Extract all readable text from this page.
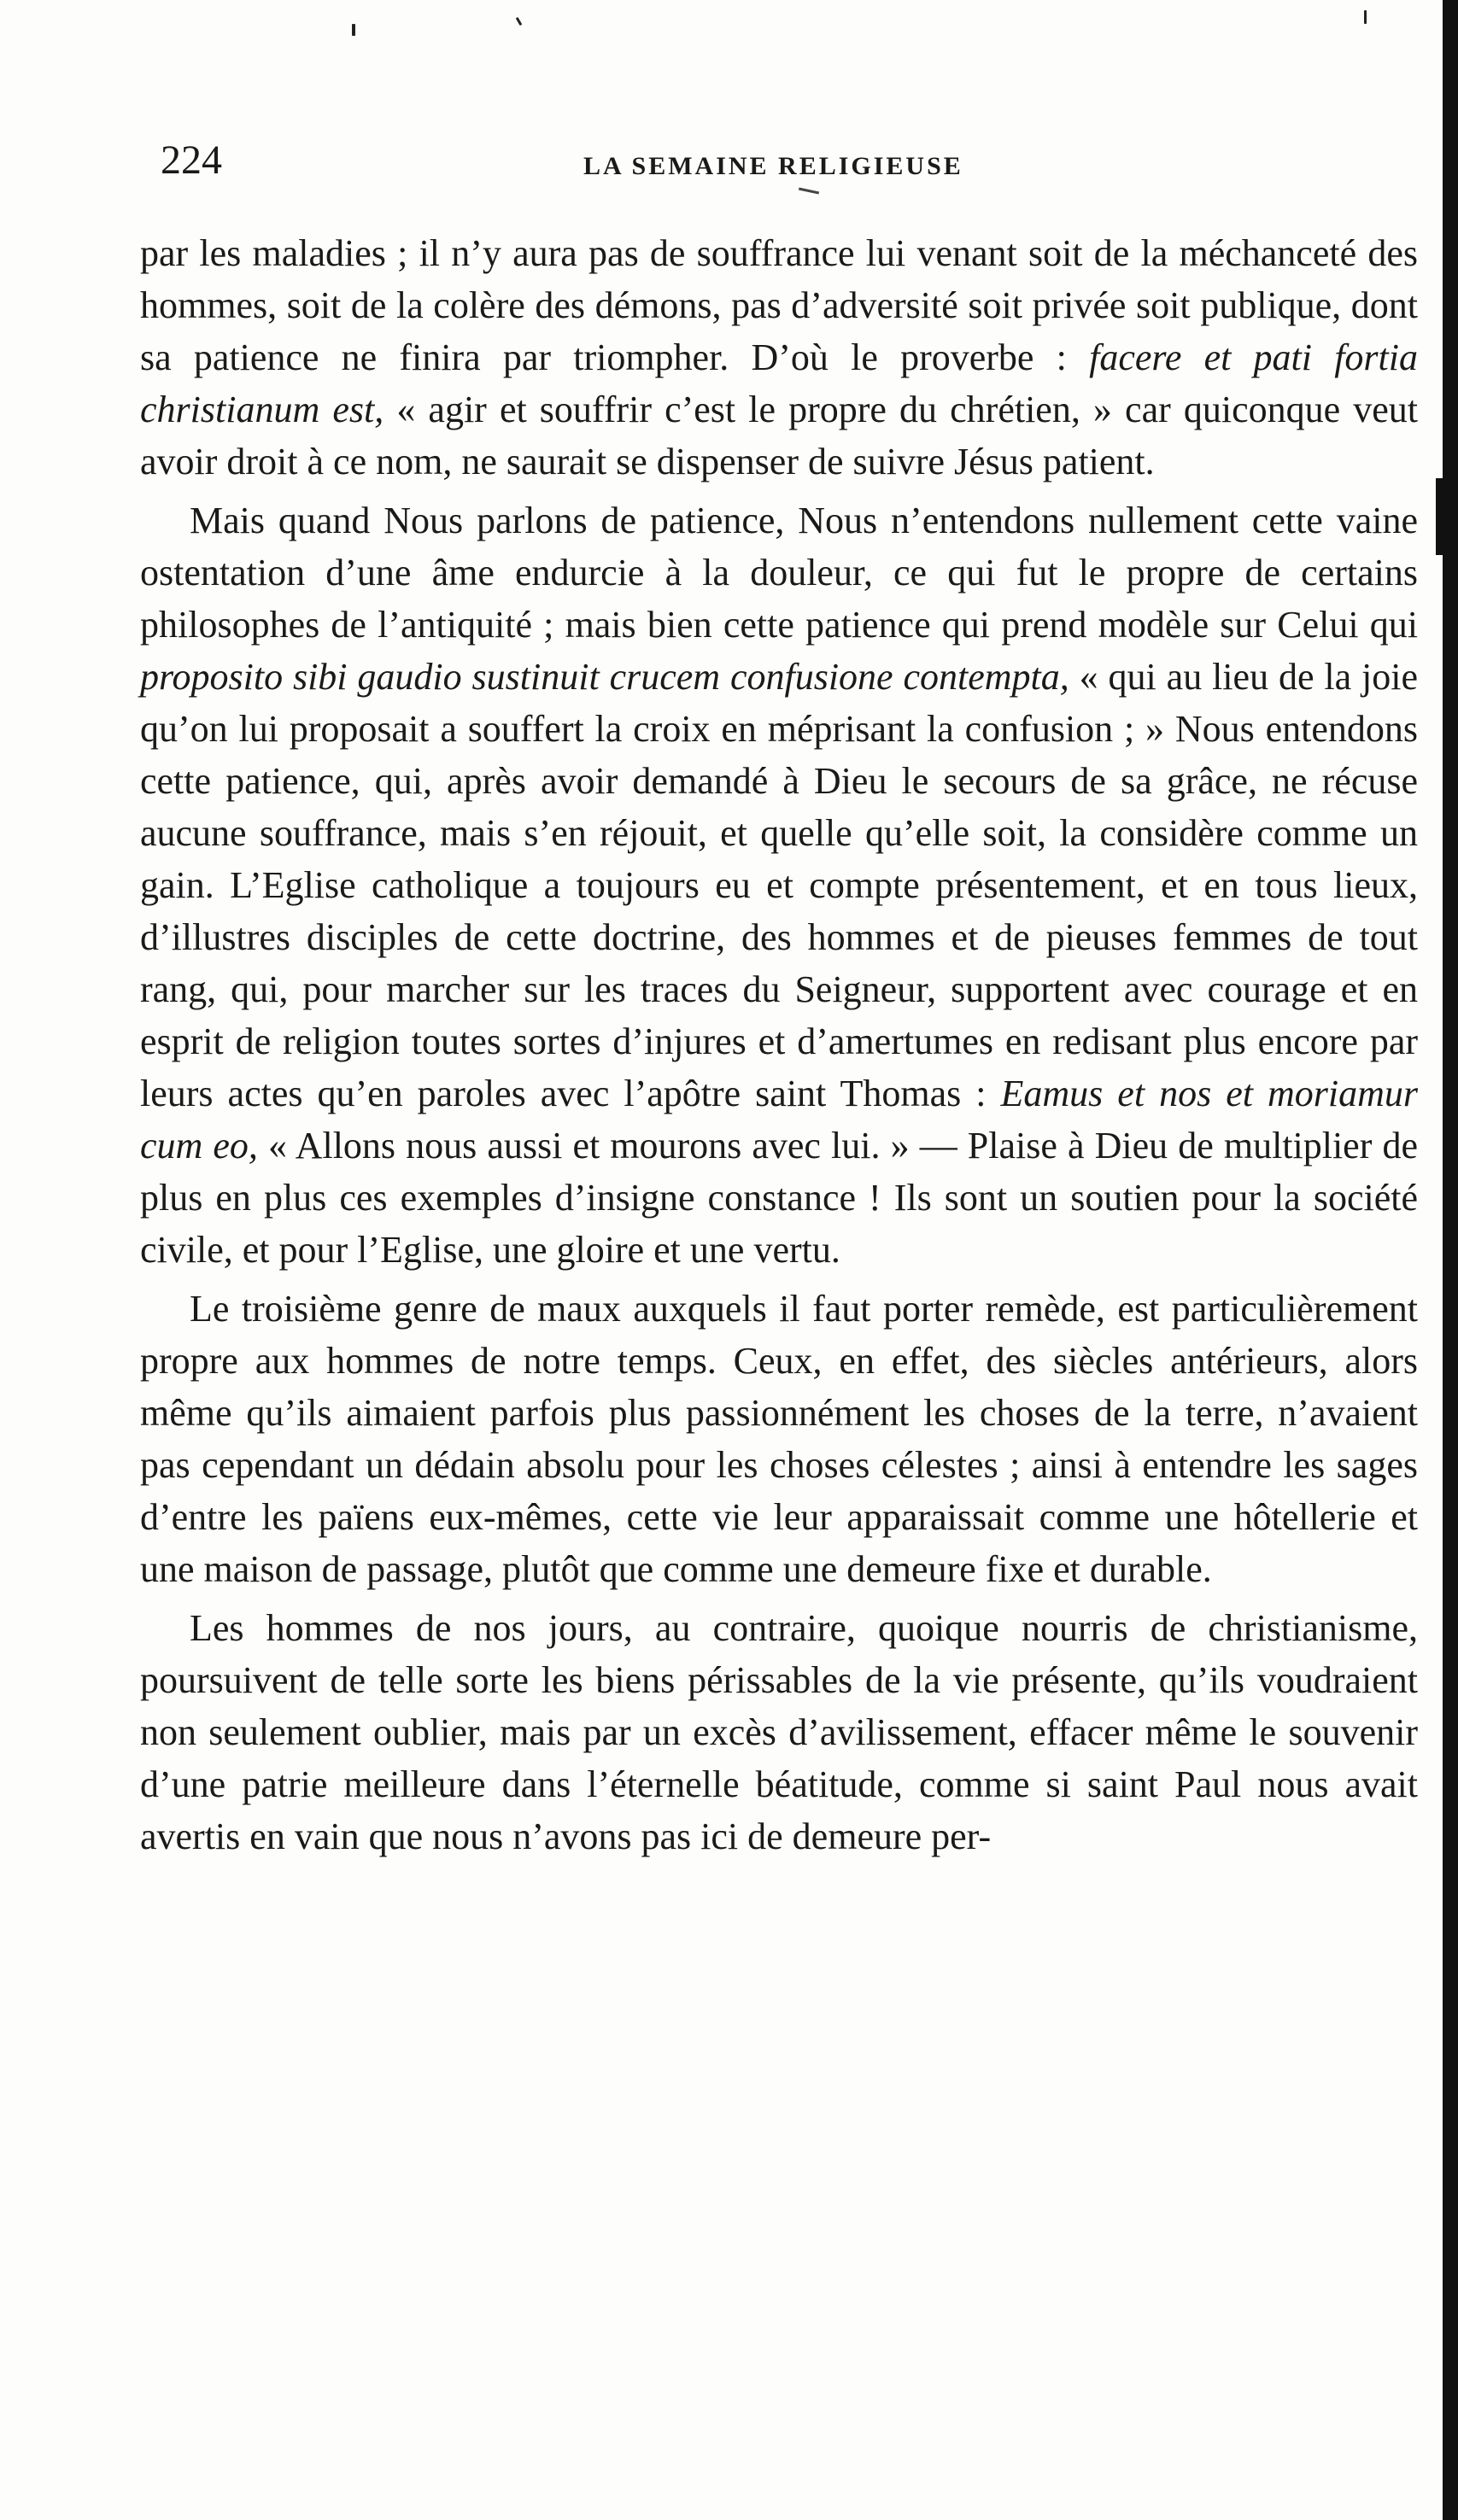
224	LA SEMAINE RELIGIEUSE

par les maladies ; il n’y aura pas de souffrance lui venant soit de la méchanceté des hommes, soit de la colère des démons, pas d’adversité soit privée soit publique, dont sa patience ne finira par triompher. D’où le proverbe : facere et pati fortia christianum est, « agir et souffrir c’est le propre du chrétien, » car quiconque veut avoir droit à ce nom, ne saurait se dispenser de suivre Jésus patient.

Mais quand Nous parlons de patience, Nous n’entendons nullement cette vaine ostentation d’une âme endurcie à la douleur, ce qui fut le propre de certains philosophes de l’antiquité ; mais bien cette patience qui prend modèle sur Celui qui proposito sibi gaudio sustinuit crucem confusione contempta, « qui au lieu de la joie qu’on lui proposait a souffert la croix en méprisant la confusion ; » Nous entendons cette patience, qui, après avoir demandé à Dieu le secours de sa grâce, ne récuse aucune souffrance, mais s’en réjouit, et quelle qu’elle soit, la considère comme un gain. L’Eglise catholique a toujours eu et compte présentement, et en tous lieux, d’illustres disciples de cette doctrine, des hommes et de pieuses femmes de tout rang, qui, pour marcher sur les traces du Seigneur, supportent avec courage et en esprit de religion toutes sortes d’injures et d’amertumes en redisant plus encore par leurs actes qu’en paroles avec l’apôtre saint Thomas : Eamus et nos et moriamur cum eo, « Allons nous aussi et mourons avec lui. » — Plaise à Dieu de multiplier de plus en plus ces exemples d’insigne constance ! Ils sont un soutien pour la société civile, et pour l’Eglise, une gloire et une vertu.

Le troisième genre de maux auxquels il faut porter remède, est particulièrement propre aux hommes de notre temps. Ceux, en effet, des siècles antérieurs, alors même qu’ils aimaient parfois plus passionnément les choses de la terre, n’avaient pas cependant un dédain absolu pour les choses célestes ; ainsi à entendre les sages d’entre les païens eux-mêmes, cette vie leur apparaissait comme une hôtellerie et une maison de passage, plutôt que comme une demeure fixe et durable.

Les hommes de nos jours, au contraire, quoique nourris de christianisme, poursuivent de telle sorte les biens périssables de la vie présente, qu’ils voudraient non seulement oublier, mais par un excès d’avilissement, effacer même le souvenir d’une patrie meilleure dans l’éternelle béatitude, comme si saint Paul nous avait avertis en vain que nous n’avons pas ici de demeure per-
